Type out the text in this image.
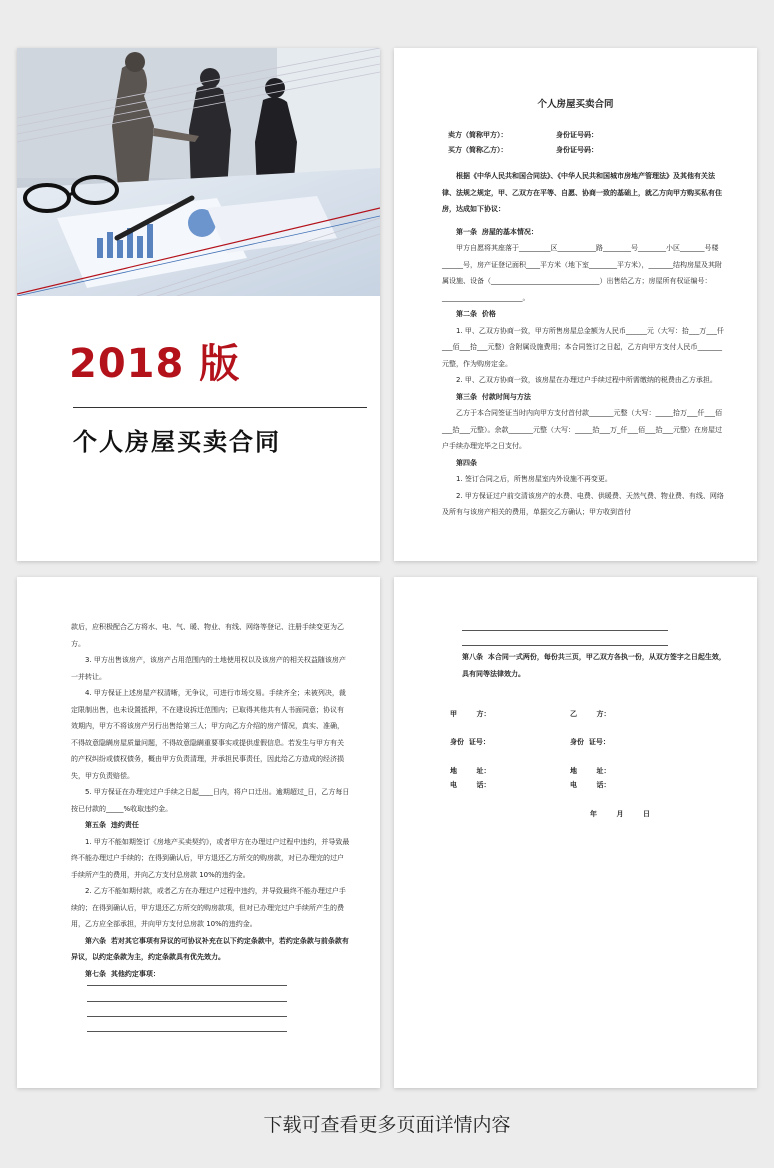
2018 版
个人房屋买卖合同
个人房屋买卖合同
卖方（简称甲方）：	身份证号码：
买方（简称乙方）：	身份证号码：

根据《中华人民共和国合同法》、《中华人民共和国城市房地产管理法》及其他有关法律、法规之规定，甲、乙双方在平等、自愿、协商一致的基础上，就乙方向甲方购买私有住房，达成如下协议：

第一条  房屋的基本情况：

甲方自愿将其座落于_________区___________路________号________小区_______号楼______号，房产证登记面积____平方米（地下室________平方米），_______结构房屋及其附属设施、设备（_______________________________）出售给乙方；房屋所有权证编号：_______________________。

第二条  价格

1. 甲、乙双方协商一致，甲方所售房屋总金额为人民币______元（大写：拾___万___仟___佰___拾___元整）含附属设施费用；本合同签订之日起，乙方向甲方支付人民币_______元整，作为购房定金。

2. 甲、乙双方协商一致，该房屋在办理过户手续过程中所需缴纳的税费由乙方承担。

第三条  付款时间与方法

乙方于本合同签证当时内向甲方支付首付款_______元整（大写：_____拾万___仟___佰___拾___元整）。余款_______元整（大写：_____拾___万_仟___佰___拾___元整）在房屋过户手续办理完毕之日支付。

第四条

1. 签订合同之后，所售房屋室内外设施不再变更。

2. 甲方保证过户前交清该房产的水费、电费、供暖费、天然气费、物业费、有线、网络及所有与该房产相关的费用，单据交乙方确认；甲方收到首付

款后，应积极配合乙方将水、电、气、暖、物业、有线、网络等登记、注册手续变更为乙方。

3. 甲方出售该房产，该房产占用范围内的土地使用权以及该房产的相关权益随该房产一并转让。

4. 甲方保证上述房屋产权清晰，无争议，可进行市场交易。手续齐全；未被列决，裁定限制出售，也未设置抵押，不在建设拆迁范围内；已取得其他共有人书面同意；协议有效期内，甲方不将该房产另行出售给第三人；甲方向乙方介绍的房产情况，真实、准确，不得故意隐瞒房屋质量问题，不得故意隐瞒重要事实或提供虚假信息。若发生与甲方有关的产权纠纷或债权债务，概由甲方负责清理，并承担民事责任，因此给乙方造成的经济损失，甲方负责赔偿。

5. 甲方保证在办理完过户手续之日起____日内，将户口迁出。逾期超过_日，乙方每日按已付款的_____%收取违约金。

第五条  违约责任

1. 甲方不能如期签订《房地产买卖契约》，或者甲方在办理过户过程中违约，并导致最终不能办理过户手续的；在得到确认后，甲方退还乙方所交的购房款，对已办理完的过户手续所产生的费用，并向乙方支付总房款 10%的违约金。

2. 乙方不能如期付款，或者乙方在办理过户过程中违约，并导致最终不能办理过户手续的；在得到确认后，甲方退还乙方所交的购房款项，但对已办理完过户手续所产生的费用，乙方应全部承担，并向甲方支付总房款 10%的违约金。

第六条  若对其它事项有异议的可协议补充在以下约定条款中，若约定条款与前条款有异议，以约定条款为主，约定条款具有优先效力。

第七条  其他约定事项：

第八条  本合同一式两份，每份共三页，甲乙双方各执一份，从双方签字之日起生效，具有同等法律效力。

甲        方：	乙        方：
身份  证号：	身份  证号：
地        址：	地        址：
电        话：	电        话：
年        月        日
下载可查看更多页面详情内容
